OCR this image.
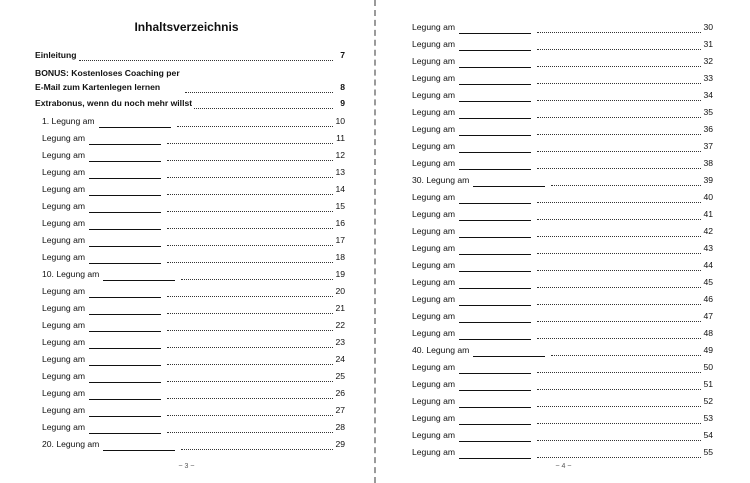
Inhaltsverzeichnis
Einleitung	7
BONUS: Kostenloses Coaching per E-Mail zum Kartenlegen lernen	8
Extrabonus, wenn du noch mehr willst	9
1. Legung am	10
Legung am	11
Legung am	12
Legung am	13
Legung am	14
Legung am	15
Legung am	16
Legung am	17
Legung am	18
10. Legung am	19
Legung am	20
Legung am	21
Legung am	22
Legung am	23
Legung am	24
Legung am	25
Legung am	26
Legung am	27
Legung am	28
20. Legung am	29
~ 3 ~
Legung am	30
Legung am	31
Legung am	32
Legung am	33
Legung am	34
Legung am	35
Legung am	36
Legung am	37
Legung am	38
30. Legung am	39
Legung am	40
Legung am	41
Legung am	42
Legung am	43
Legung am	44
Legung am	45
Legung am	46
Legung am	47
Legung am	48
40. Legung am	49
Legung am	50
Legung am	51
Legung am	52
Legung am	53
Legung am	54
Legung am	55
~ 4 ~
